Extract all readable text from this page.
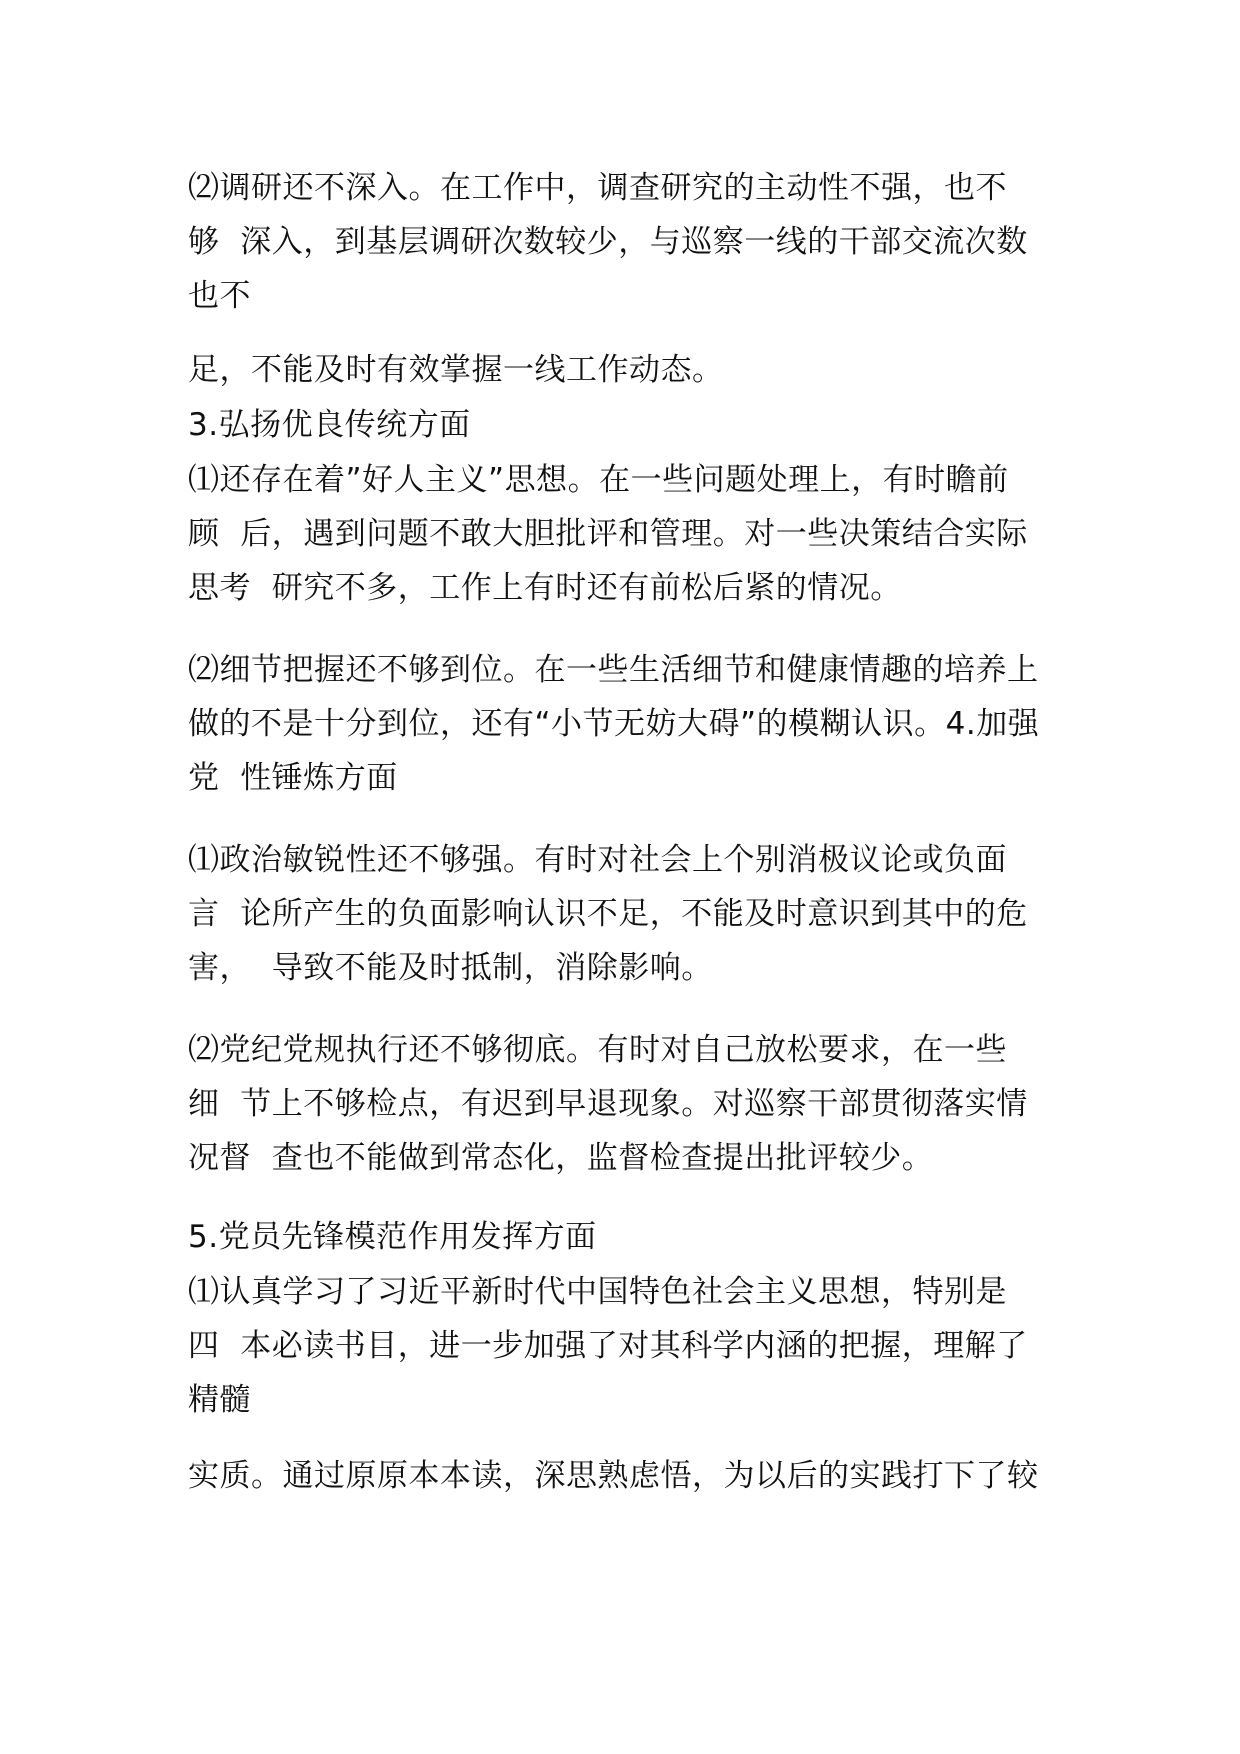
⑵调研还不深入。在工作中，调查研究的主动性不强，也不
够  深入，到基层调研次数较少，与巡察一线的干部交流次数
也不
足，不能及时有效掌握一线工作动态。
3.弘扬优良传统方面
⑴还存在着”好人主义”思想。在一些问题处理上，有时瞻前
顾  后，遇到问题不敢大胆批评和管理。对一些决策结合实际
思考  研究不多，工作上有时还有前松后紧的情况。
⑵细节把握还不够到位。在一些生活细节和健康情趣的培养上
做的不是十分到位，还有“小节无妨大碍”的模糊认识。4.加强
党  性锤炼方面
⑴政治敏锐性还不够强。有时对社会上个别消极议论或负面
言  论所产生的负面影响认识不足，不能及时意识到其中的危
害，  导致不能及时抵制，消除影响。
⑵党纪党规执行还不够彻底。有时对自己放松要求，在一些
细  节上不够检点，有迟到早退现象。对巡察干部贯彻落实情
况督  查也不能做到常态化，监督检查提出批评较少。
5.党员先锋模范作用发挥方面
⑴认真学习了习近平新时代中国特色社会主义思想，特别是
四  本必读书目，进一步加强了对其科学内涵的把握，理解了
精髓
实质。通过原原本本读，深思熟虑悟，为以后的实践打下了较
